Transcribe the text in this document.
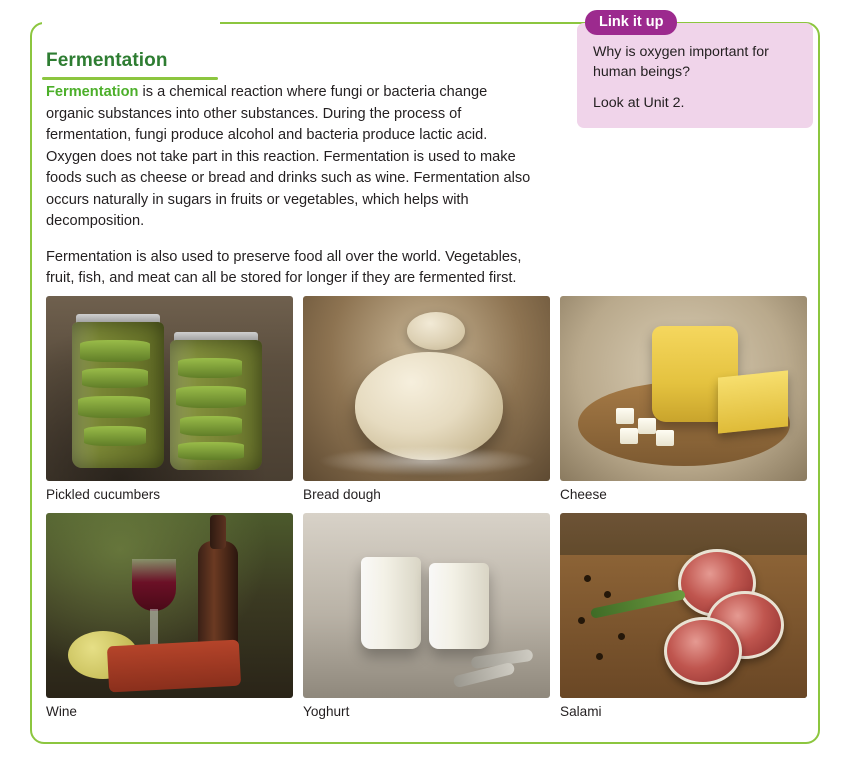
Fermentation

Fermentation is a chemical reaction where fungi or bacteria change organic substances into other substances. During the process of fermentation, fungi produce alcohol and bacteria produce lactic acid. Oxygen does not take part in this reaction. Fermentation is used to make foods such as cheese or bread and drinks such as wine. Fermentation also occurs naturally in sugars in fruits or vegetables, which helps with decomposition.

Fermentation is also used to preserve food all over the world. Vegetables, fruit, fish, and meat can all be stored for longer if they are fermented first.

Link it up

Why is oxygen important for human beings?

Look at Unit 2.

Pickled cucumbers	Bread dough	Cheese
Wine	Yoghurt	Salami
